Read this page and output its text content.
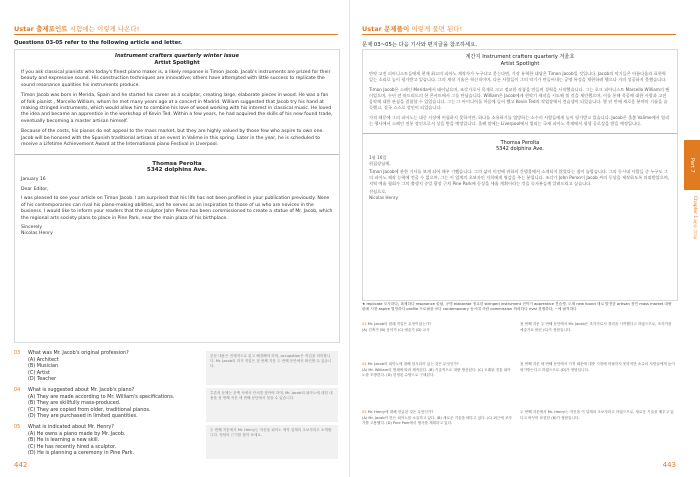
Ustar 출제포인트 시험에는 이렇게 나온다!
Questions 03-05 refer to the following article and letter.
Instrument crafters quarterly winter issue
Artist Spotlight
If you ask classical pianists who today's finest piano maker is, a likely response is Timon Jacob. Jacob's instruments are prized for their beauty and expressive sound. His construction techniques are innovative; others have attempted with little success to replicate the sound resonance qualities his instruments produce.
Timon Jacob was born in Merida, Spain and he started his career as a sculptor, creating large, elaborate pieces in wood. He was a fan of folk pianist , Marcello William, whom he met many years ago at a concert in Madrid. William suggested that Jacob try his hand at making stringed instruments, which would allow him to combine his love of wood working with his interest in classical music. He loved the idea and became an apprentice in the workshop of Kevin Ted. Within a few years, he had acquired the skills of his new found trade, eventually becoming a master artisan himself.
Because of the costs, his pianos do not appeal to the mass market, but they are highly valued by those few who aspire to own one. Jacob will be honored with the Spanish traditional artisan at an event in Valime in this spring. Later in the year, he is scheduled to receive a Lifetime Achievement Award at the International piano Festival in Liverpool.
Thomsa Perolta
5342 dolphins Ave.
January 16
Dear Editor,
I was pleased to see your article on Timon Jacob. I am surprised that his life has not been profiled in your publication previously. None of his contemporaries can rival his piano-making abilities, and he serves as an inspiration to those of us who are novices in the business. I would like to inform your readers that the sculptor John Peron has been commissioned to create a statue of Mr. Jacob, which the regional arts society plans to place in Pine Park, near the main plaza of his birthplace.
Sincerely
Nicolas Henry
03 What was Mr. Jacob's original profession?
(A) Architect
(B) Musician
(C) Artist
(D) Teacher
본문 내용은 전체적으로 읽고 해결해야 하며, occupation은 직업을 의미합니다. Mr. Jacob의 과거 직업은 첫 번째 지문 두 번째 문단에서 확인할 수 있습니다.
04 What is suggested about Mr. Jacob's piano?
(A) They are made according to Mr. William's specifications.
(B) They are skillfully mass-produced.
(C) They are copied from older, traditional pianos.
(D) They are purchased in limited quantities.
추론의 문제는 문맥 속에서 단서를 찾아야 하며, Mr. Jacob의 피아노에 대한 내용을 첫 번째 지문 세 번째 문단에서 찾을 수 있습니다.
05 What is indicated about Mr. Henry?
(A) He owns a piano made by Mr. Jacob.
(B) He is learning a new skill.
(C) He has recently hired a sculptor.
(D) He is planning a ceremony in Pine Park.
두 번째 지문에서 Mr. Henry는 자신을 피아노 제작 업계의 초보자라고 소개합니다. 정답의 근거를 찾아 보세요.
442
Ustar 문제풀이 이렇게 풀면 된다!
문제 03~05는 다음 기사와 편지글을 참조하세요.
계간지 Instrument crafters quarterly 겨울호
Artist Spotlight
만약 고전 피아니스트들에게 현재 최고의 피아노 제작자가 누구냐고 묻는다면, 가장 유력한 대답은 Timon Jacob일 것입니다. Jacob의 악기들은 아름다움과 표현력 있는 소리로 높이 평가받고 있습니다. 그의 제작 기술은 혁신적이며, 다른 사람들이 그의 악기가 만들어내는 공명 특성을 재현하려 했으나 거의 성공하지 못했습니다.
Timon Jacob은 스페인 Merida에서 태어났으며, 조각가로서 목재로 크고 정교한 작품을 만들며 경력을 시작했습니다. 그는 포크 피아니스트 Marcello William의 팬이었으며, 수년 전 마드리드의 한 콘서트에서 그를 만났습니다. William은 Jacob에게 현악기 제작을 시도해 볼 것을 제안했으며, 이를 통해 목공에 대한 사랑과 고전 음악에 대한 관심을 결합할 수 있었습니다. 그는 그 아이디어를 마음에 들어 했고 Kevin Ted의 작업장에서 견습생이 되었습니다. 몇 년 만에 새로운 분야의 기술을 습득했고, 결국 스스로 장인이 되었습니다.
가격 때문에 그의 피아노는 대중 시장에 어필하지 못하지만, 하나를 소유하기를 열망하는 소수의 사람들에게 높이 평가받고 있습니다. Jacob은 올봄 Valime에서 열리는 행사에서 스페인 전통 장인으로서 상을 받을 예정입니다. 올해 말에는 Liverpool에서 열리는 국제 피아노 축제에서 평생 공로상을 받을 예정입니다.
Thomsa Perolta
5342 dolphins Ave.
1월 16일
편집장님께,
Timon Jacob에 관한 기사를 보게 되어 매우 기뻤습니다. 그의 삶이 이전에 귀하의 간행물에서 소개되지 않았다는 점이 놀랍습니다. 그의 동시대 사람들 중 누구도 그의 피아노 제작 능력에 견줄 수 없으며, 그는 이 업계의 초보자인 저희에게 영감을 주는 분입니다. 조각가 John Peron이 Jacob 씨의 동상을 제작하도록 의뢰받았으며, 지역 예술 협회가 그의 출생지 중앙 광장 근처 Pine Park에 동상을 세울 계획이라는 것을 독자분들께 알려드리고 싶습니다.
진심으로,
Nicolas Henry
★ replicate 모사하다, 복제하다 resonance 울림, 공명 elaborate 정교한 stringed instrument 현악기 apprentice 견습생, 도제 new found 새로 발견한 artisan 장인 mass market 대량 판매 시장 aspire 열망하다 profile 프로필을 쓰다 contemporary 동시대 사람 commission 의뢰하다 rival 경쟁하다, ~에 필적하다
03 Mr. Jacob의 원래 직업은 무엇이었는가?
(A) 건축가 (B) 음악가 (C) 예술가 (D) 교사
첫 번째 지문 두 번째 문단에서 Mr. Jacob은 조각가로서 경력을 시작했다고 하였으므로, 조각가를 예술가로 바꾼 (C)가 정답입니다.
04 Mr. Jacob의 피아노에 대해 암시되어 있는 것은 무엇인가?
(A) Mr. William의 명세에 따라 제작된다. (B) 기술적으로 대량 생산된다. (C) 오래된 전통 피아노를 모방한다. (D) 한정된 수량으로 구매된다.
첫 번째 지문 세 번째 문단에서 가격 때문에 대중 시장에 어필하지 못하지만 소수의 사람들에게 높이 평가받는다고 하였으므로 (D)가 정답입니다.
05 Mr. Henry에 대해 언급된 것은 무엇인가?
(A) Mr. Jacob이 만든 피아노를 소유하고 있다. (B) 새로운 기술을 배우고 있다. (C) 최근에 조각가를 고용했다. (D) Pine Park에서 행사를 계획하고 있다.
두 번째 지문에서 Mr. Henry는 자신을 이 업계의 초보자라고 하였으므로, 새로운 기술을 배우고 있다고 바꾸어 표현한 (B)가 정답입니다.
Part 7
Chapter 1 복수 지문
443
